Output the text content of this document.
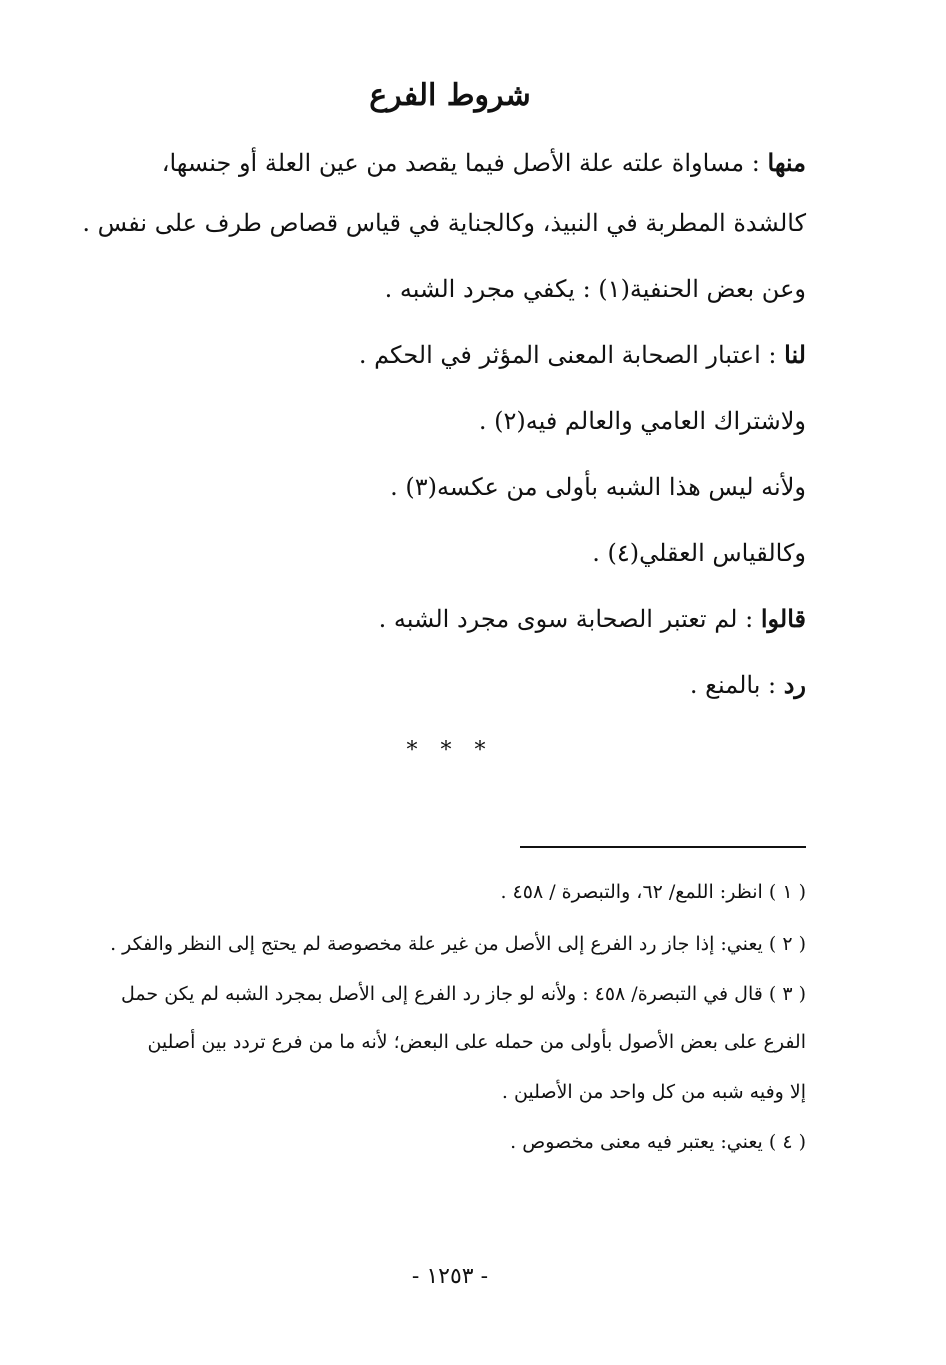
شروط الفرع
منها : مساواة علته علة الأصل فيما يقصد من عين العلة أو جنسها،
كالشدة المطربة في النبيذ، وكالجناية في قياس قصاص طرف على نفس .
وعن بعض الحنفية(١) : يكفي مجرد الشبه .
لنا : اعتبار الصحابة المعنى المؤثر في الحكم .
ولاشتراك العامي والعالم فيه(٢) .
ولأنه ليس هذا الشبه بأولى من عكسه(٣) .
وكالقياس العقلي(٤) .
قالوا : لم تعتبر الصحابة سوى مجرد الشبه .
رد : بالمنع .
* * *
( ١ ) انظر: اللمع/ ٦٢، والتبصرة / ٤٥٨ .
( ٢ ) يعني: إذا جاز رد الفرع إلى الأصل من غير علة مخصوصة لم يحتج إلى النظر والفكر .
( ٣ ) قال في التبصرة/ ٤٥٨ : ولأنه لو جاز رد الفرع إلى الأصل بمجرد الشبه لم يكن حمل
الفرع على بعض الأصول بأولى من حمله على البعض؛ لأنه ما من فرع تردد بين أصلين
إلا وفيه شبه من كل واحد من الأصلين .
( ٤ ) يعني: يعتبر فيه معنى مخصوص .
- ١٢٥٣ -
